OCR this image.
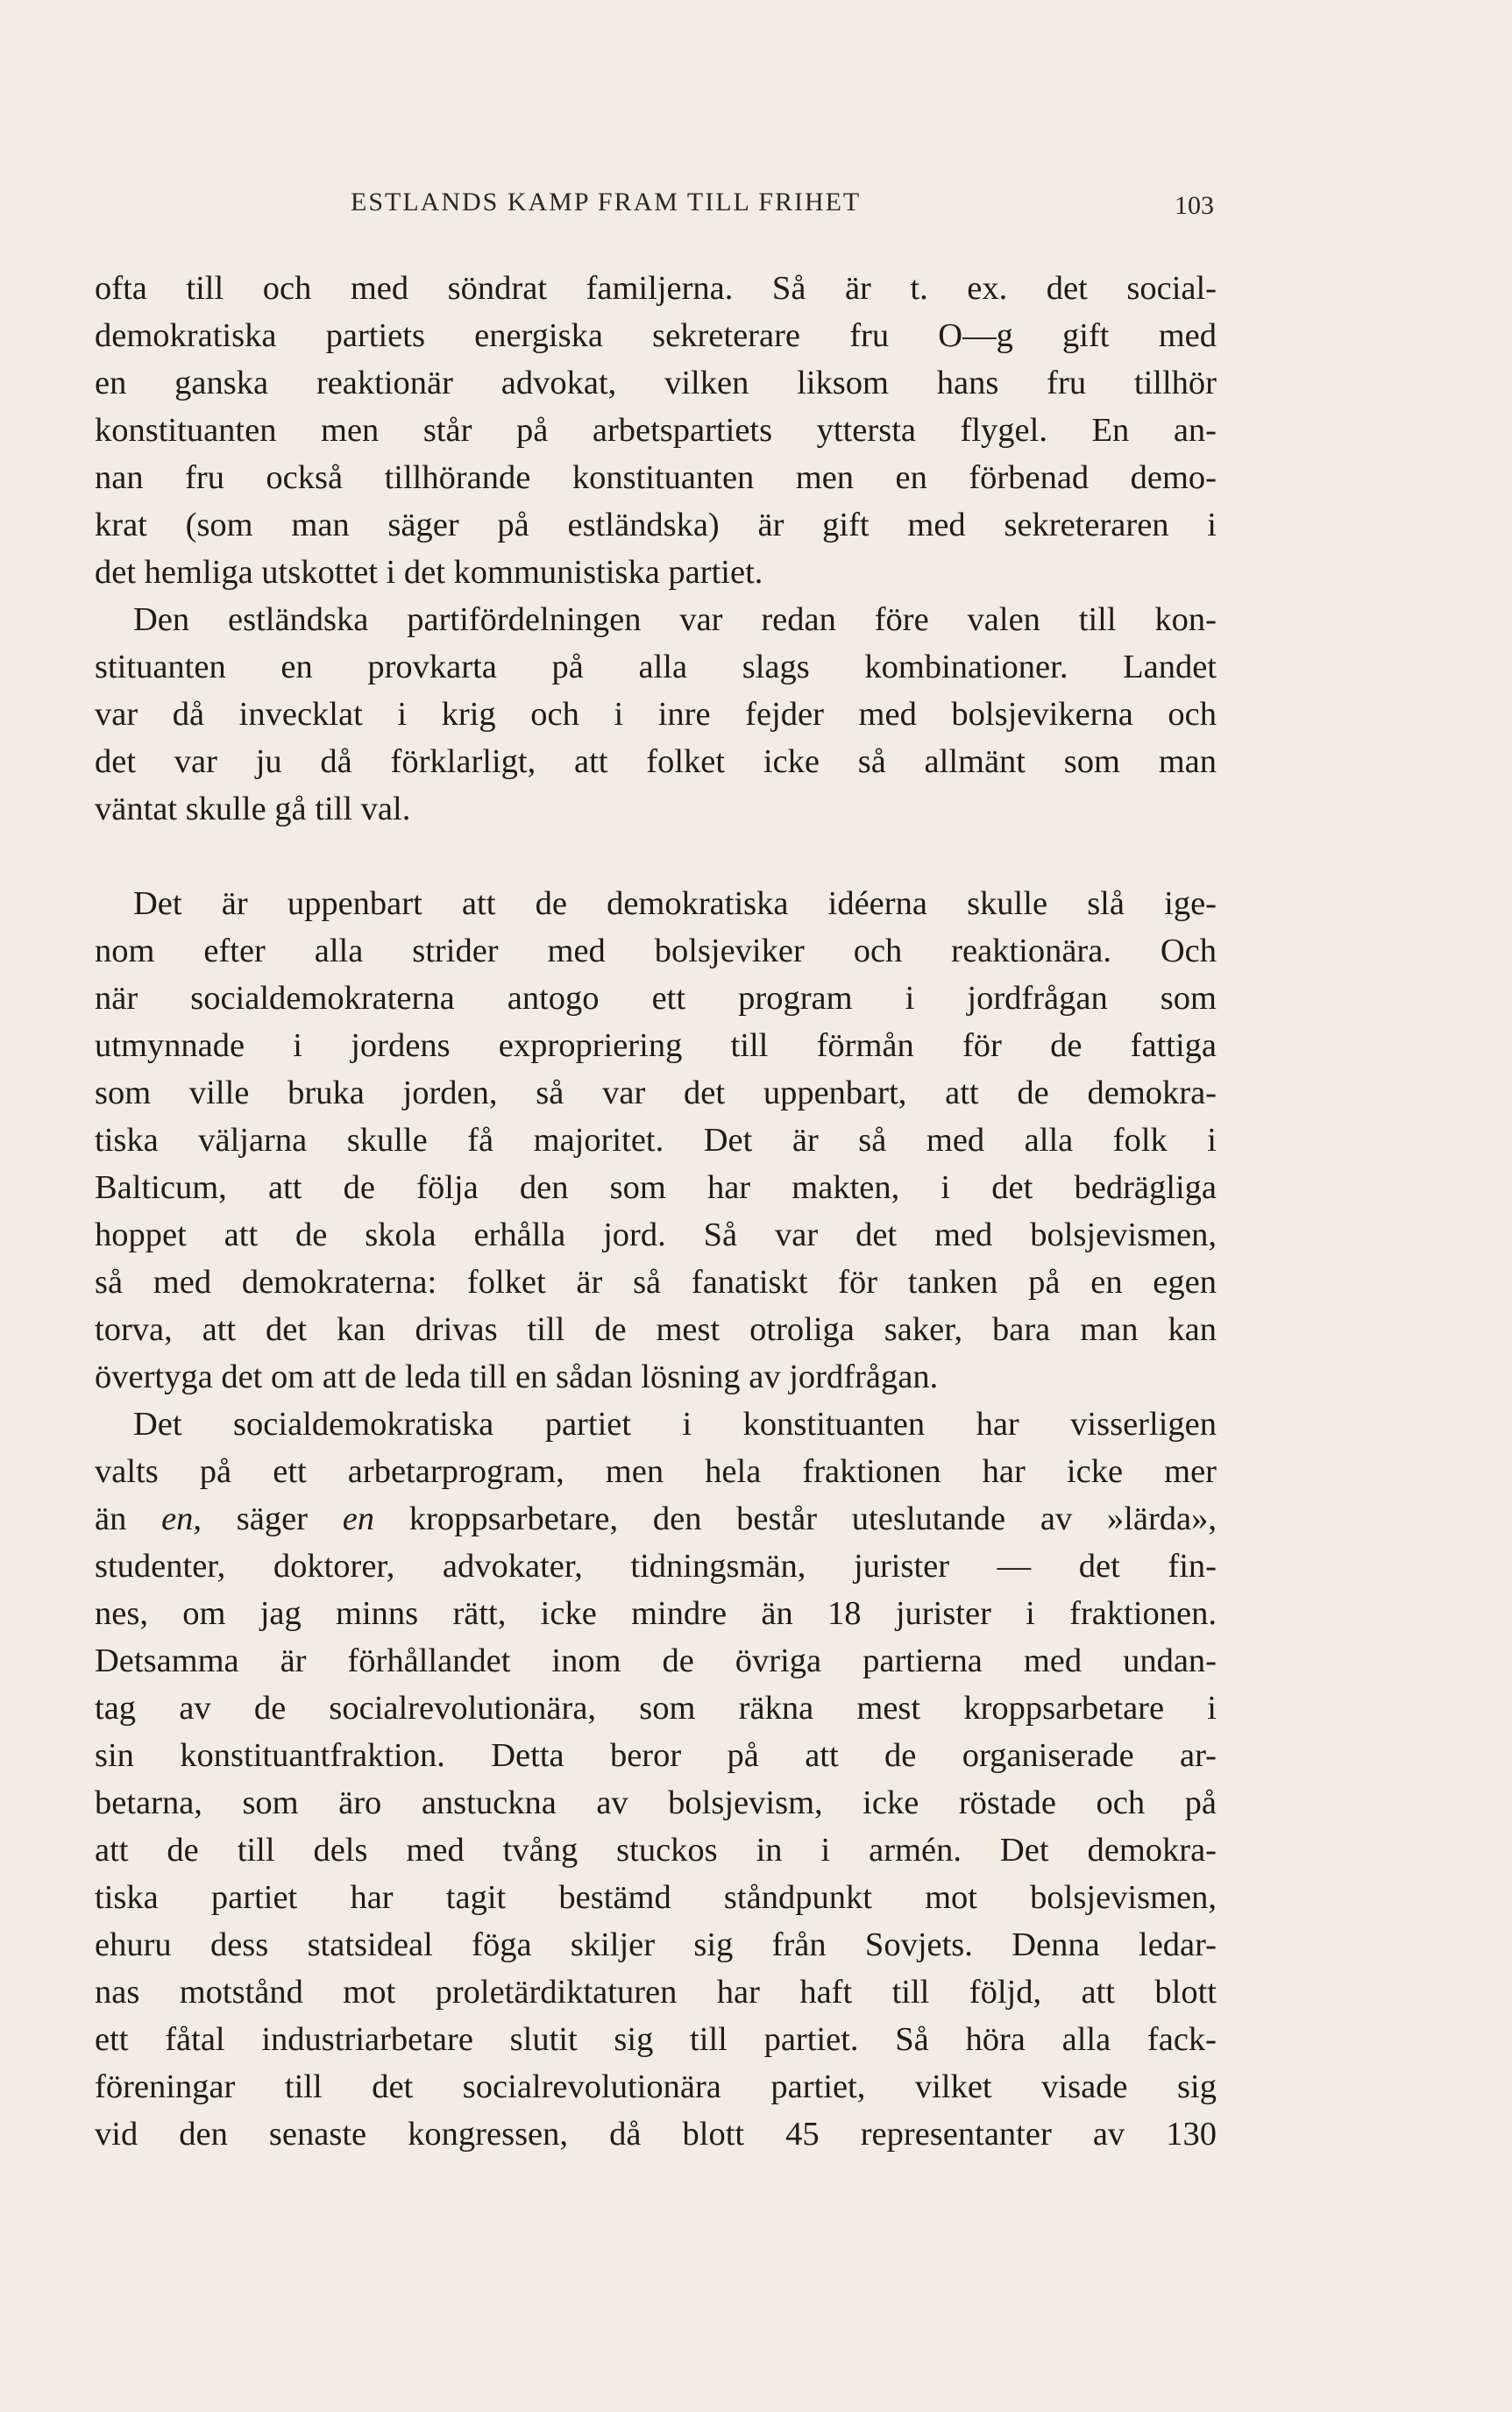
ESTLANDS KAMP FRAM TILL FRIHET	103
ofta till och med söndrat familjerna. Så är t. ex. det social-
demokratiska partiets energiska sekreterare fru O—g gift med
en ganska reaktionär advokat, vilken liksom hans fru tillhör
konstituanten men står på arbetspartiets yttersta flygel. En an-
nan fru också tillhörande konstituanten men en förbenad demo-
krat (som man säger på estländska) är gift med sekreteraren i
det hemliga utskottet i det kommunistiska partiet.
Den estländska partifördelningen var redan före valen till kon-
stituanten en provkarta på alla slags kombinationer. Landet
var då invecklat i krig och i inre fejder med bolsjevikerna och
det var ju då förklarligt, att folket icke så allmänt som man
väntat skulle gå till val.
Det är uppenbart att de demokratiska idéerna skulle slå ige-
nom efter alla strider med bolsjeviker och reaktionära. Och
när socialdemokraterna antogo ett program i jordfrågan som
utmynnade i jordens expropriering till förmån för de fattiga
som ville bruka jorden, så var det uppenbart, att de demokra-
tiska väljarna skulle få majoritet. Det är så med alla folk i
Balticum, att de följa den som har makten, i det bedrägliga
hoppet att de skola erhålla jord. Så var det med bolsjevismen,
så med demokraterna: folket är så fanatiskt för tanken på en egen
torva, att det kan drivas till de mest otroliga saker, bara man kan
övertyga det om att de leda till en sådan lösning av jordfrågan.
Det socialdemokratiska partiet i konstituanten har visserligen
valts på ett arbetarprogram, men hela fraktionen har icke mer
än en, säger en kroppsarbetare, den består uteslutande av »lärda»,
studenter, doktorer, advokater, tidningsmän, jurister — det fin-
nes, om jag minns rätt, icke mindre än 18 jurister i fraktionen.
Detsamma är förhållandet inom de övriga partierna med undan-
tag av de socialrevolutionära, som räkna mest kroppsarbetare i
sin konstituantfraktion. Detta beror på att de organiserade ar-
betarna, som äro anstuckna av bolsjevism, icke röstade och på
att de till dels med tvång stuckos in i armén. Det demokra-
tiska partiet har tagit bestämd ståndpunkt mot bolsjevismen,
ehuru dess statsideal föga skiljer sig från Sovjets. Denna ledar-
nas motstånd mot proletärdiktaturen har haft till följd, att blott
ett fåtal industriarbetare slutit sig till partiet. Så höra alla fack-
föreningar till det socialrevolutionära partiet, vilket visade sig
vid den senaste kongressen, då blott 45 representanter av 130
